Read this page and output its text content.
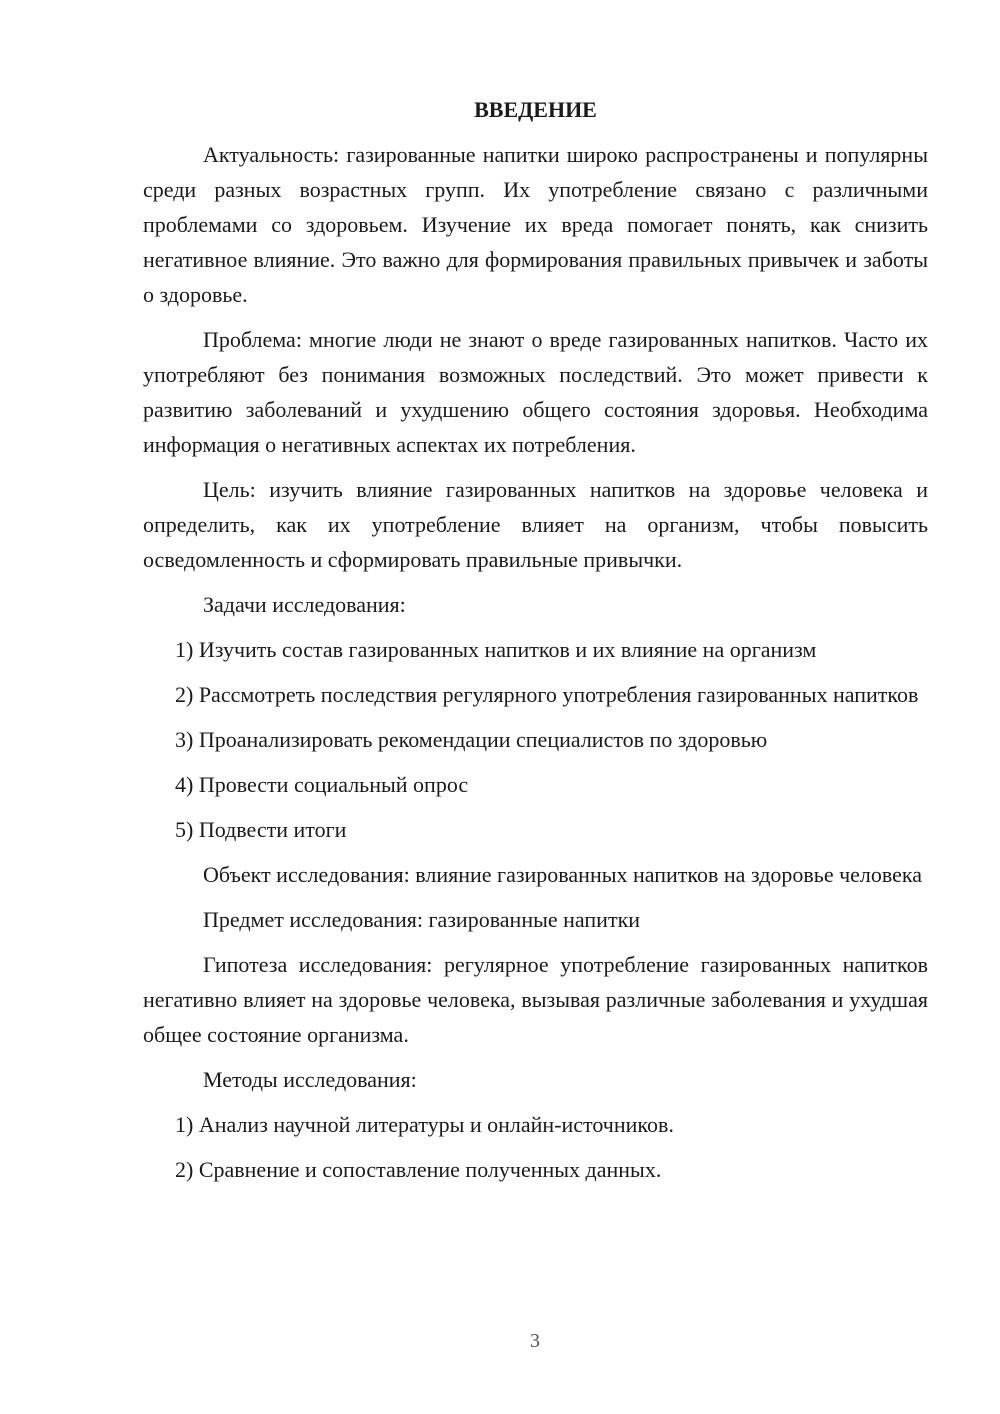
ВВЕДЕНИЕ
Актуальность: газированные напитки широко распространены и популярны среди разных возрастных групп. Их употребление связано с различными проблемами со здоровьем. Изучение их вреда помогает понять, как снизить негативное влияние. Это важно для формирования правильных привычек и заботы о здоровье.
Проблема: многие люди не знают о вреде газированных напитков. Часто их употребляют без понимания возможных последствий. Это может привести к развитию заболеваний и ухудшению общего состояния здоровья. Необходима информация о негативных аспектах их потребления.
Цель: изучить влияние газированных напитков на здоровье человека и определить, как их употребление влияет на организм, чтобы повысить осведомленность и сформировать правильные привычки.
Задачи исследования:
1) Изучить состав газированных напитков и их влияние на организм
2) Рассмотреть последствия регулярного употребления газированных напитков
3) Проанализировать рекомендации специалистов по здоровью
4) Провести социальный опрос
5) Подвести итоги
Объект исследования: влияние газированных напитков на здоровье человека
Предмет исследования: газированные напитки
Гипотеза исследования: регулярное употребление газированных напитков негативно влияет на здоровье человека, вызывая различные заболевания и ухудшая общее состояние организма.
Методы исследования:
1) Анализ научной литературы и онлайн-источников.
2) Сравнение и сопоставление полученных данных.
3
